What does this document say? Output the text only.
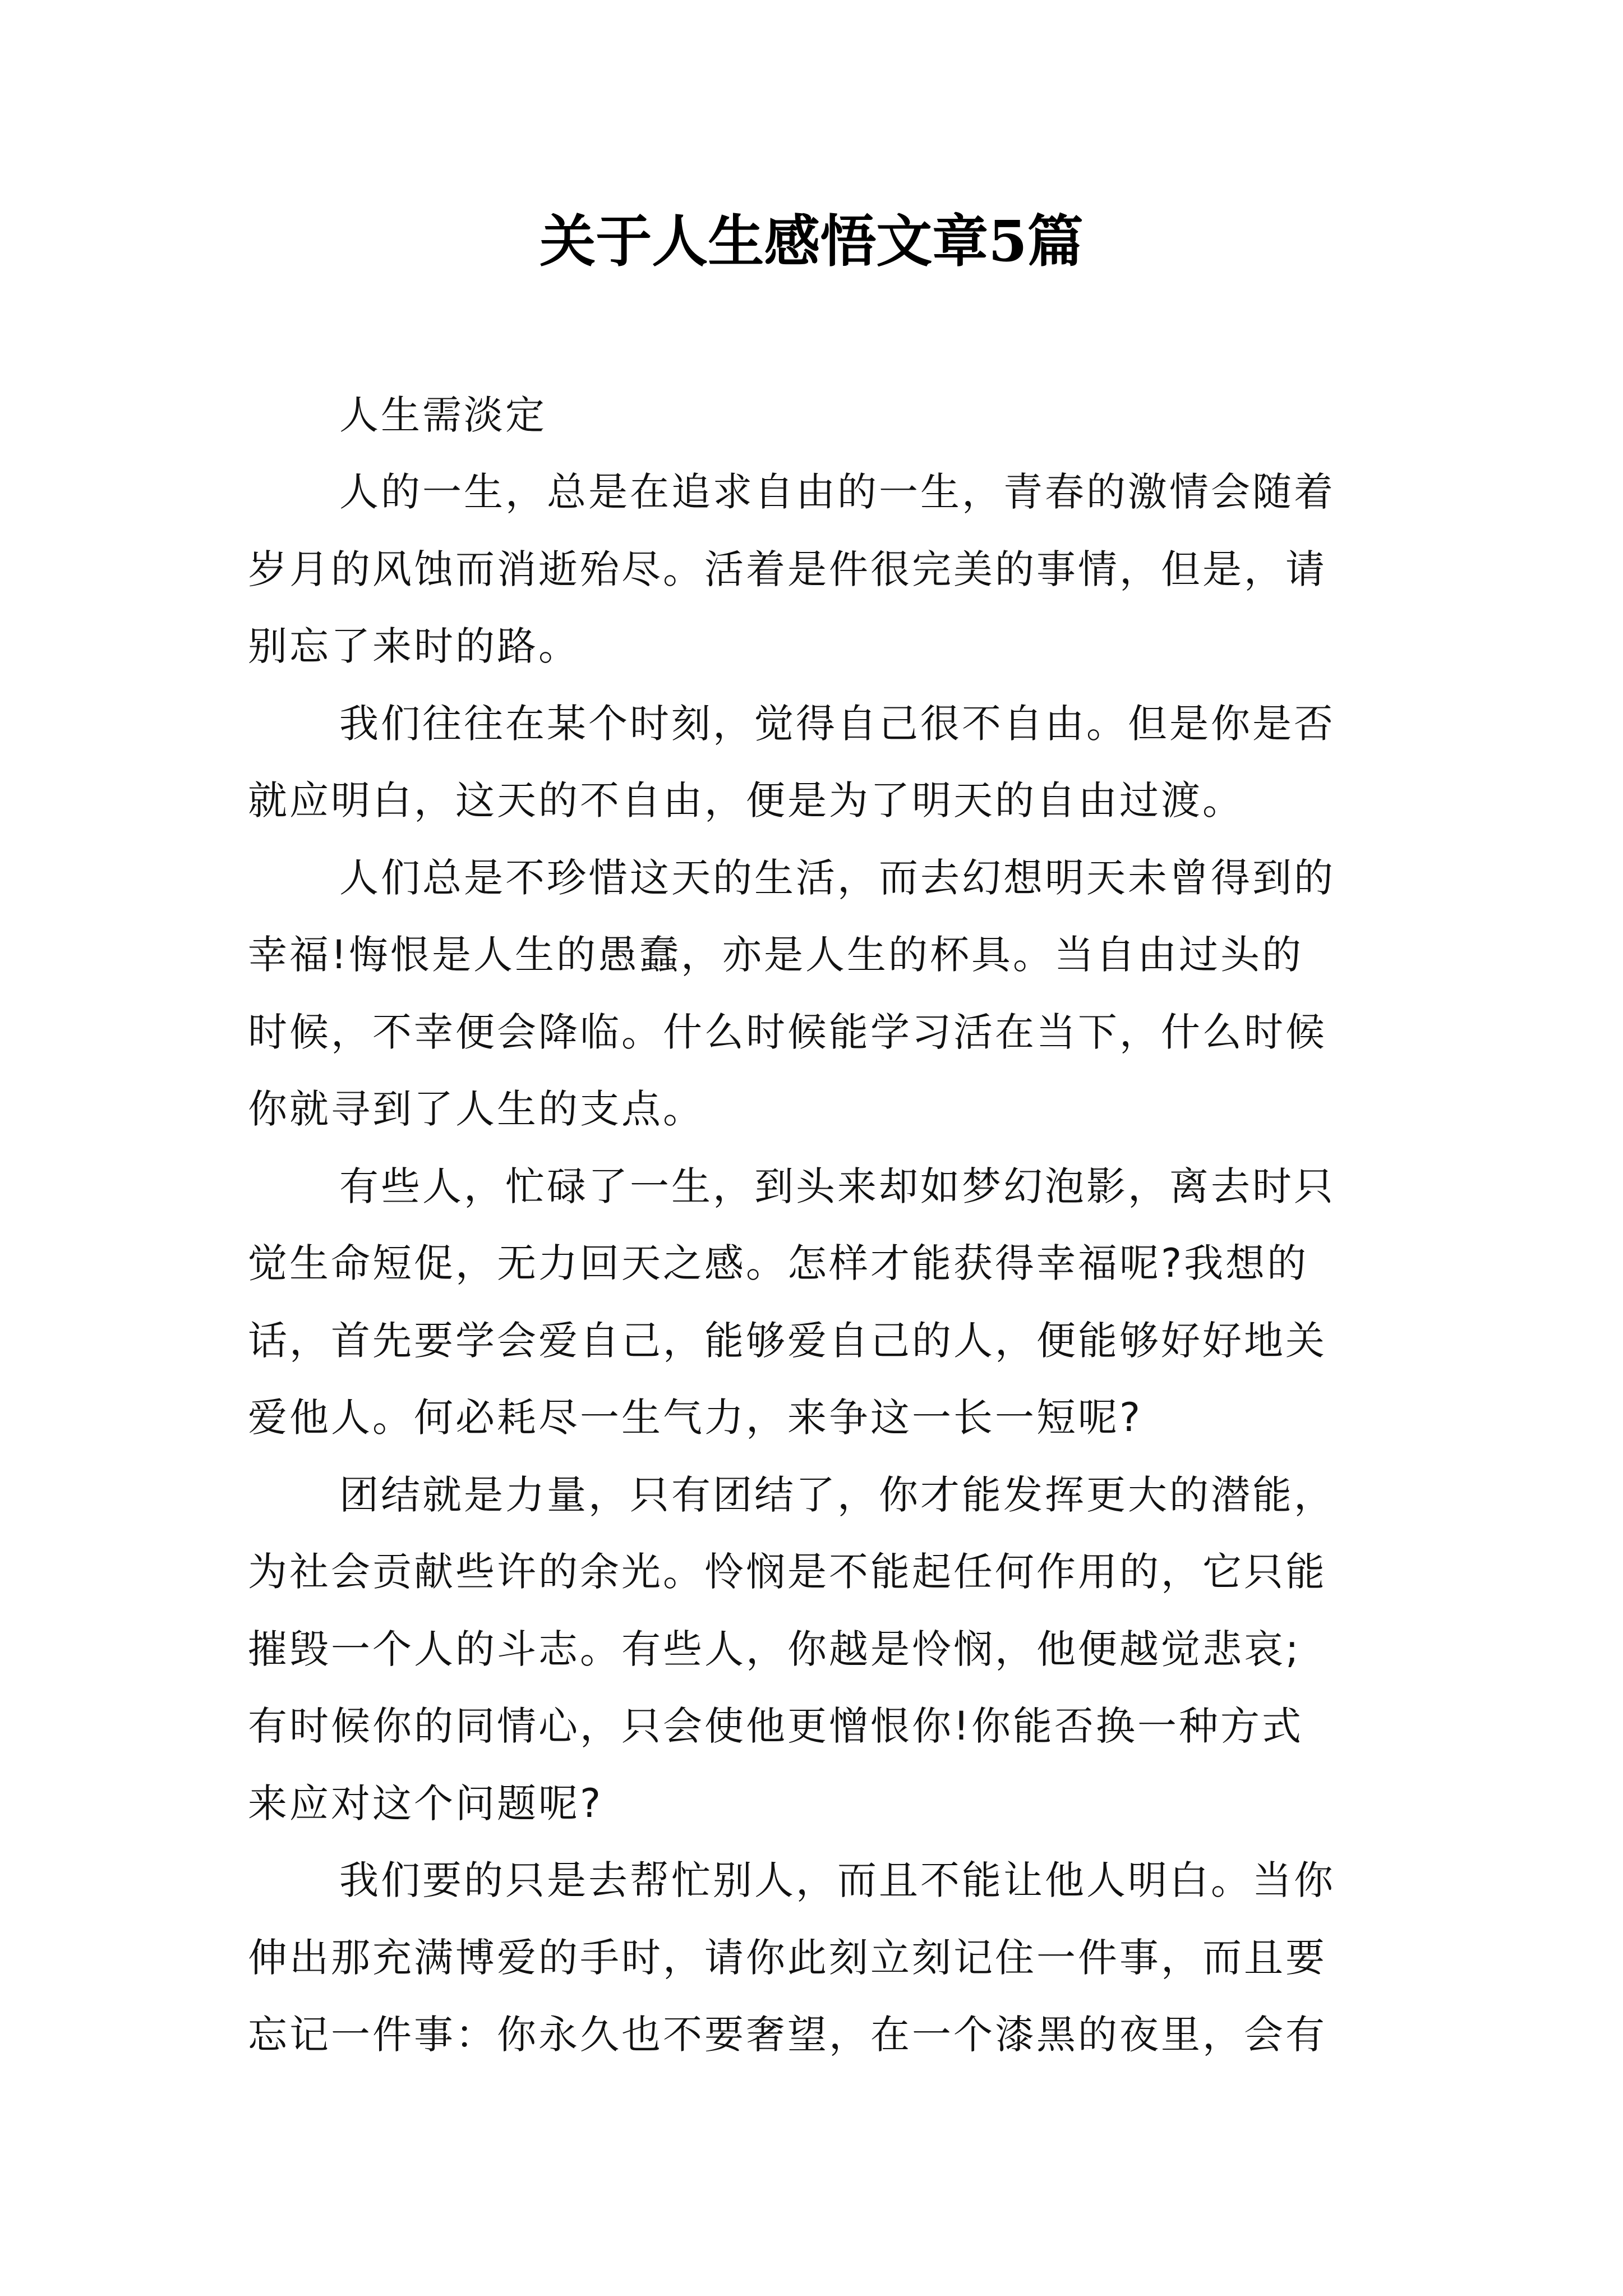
关于人生感悟文章5篇
人生需淡定
人的一生，总是在追求自由的一生，青春的激情会随着
岁月的风蚀而消逝殆尽。活着是件很完美的事情，但是，请
别忘了来时的路。
我们往往在某个时刻，觉得自己很不自由。但是你是否
就应明白，这天的不自由，便是为了明天的自由过渡。
人们总是不珍惜这天的生活，而去幻想明天未曾得到的
幸福!悔恨是人生的愚蠢，亦是人生的杯具。当自由过头的
时候，不幸便会降临。什么时候能学习活在当下，什么时候
你就寻到了人生的支点。
有些人，忙碌了一生，到头来却如梦幻泡影，离去时只
觉生命短促，无力回天之感。怎样才能获得幸福呢?我想的
话，首先要学会爱自己，能够爱自己的人，便能够好好地关
爱他人。何必耗尽一生气力，来争这一长一短呢?
团结就是力量，只有团结了，你才能发挥更大的潜能，
为社会贡献些许的余光。怜悯是不能起任何作用的，它只能
摧毁一个人的斗志。有些人，你越是怜悯，他便越觉悲哀;
有时候你的同情心，只会使他更憎恨你!你能否换一种方式
来应对这个问题呢?
我们要的只是去帮忙别人，而且不能让他人明白。当你
伸出那充满博爱的手时，请你此刻立刻记住一件事，而且要
忘记一件事：你永久也不要奢望，在一个漆黑的夜里，会有
